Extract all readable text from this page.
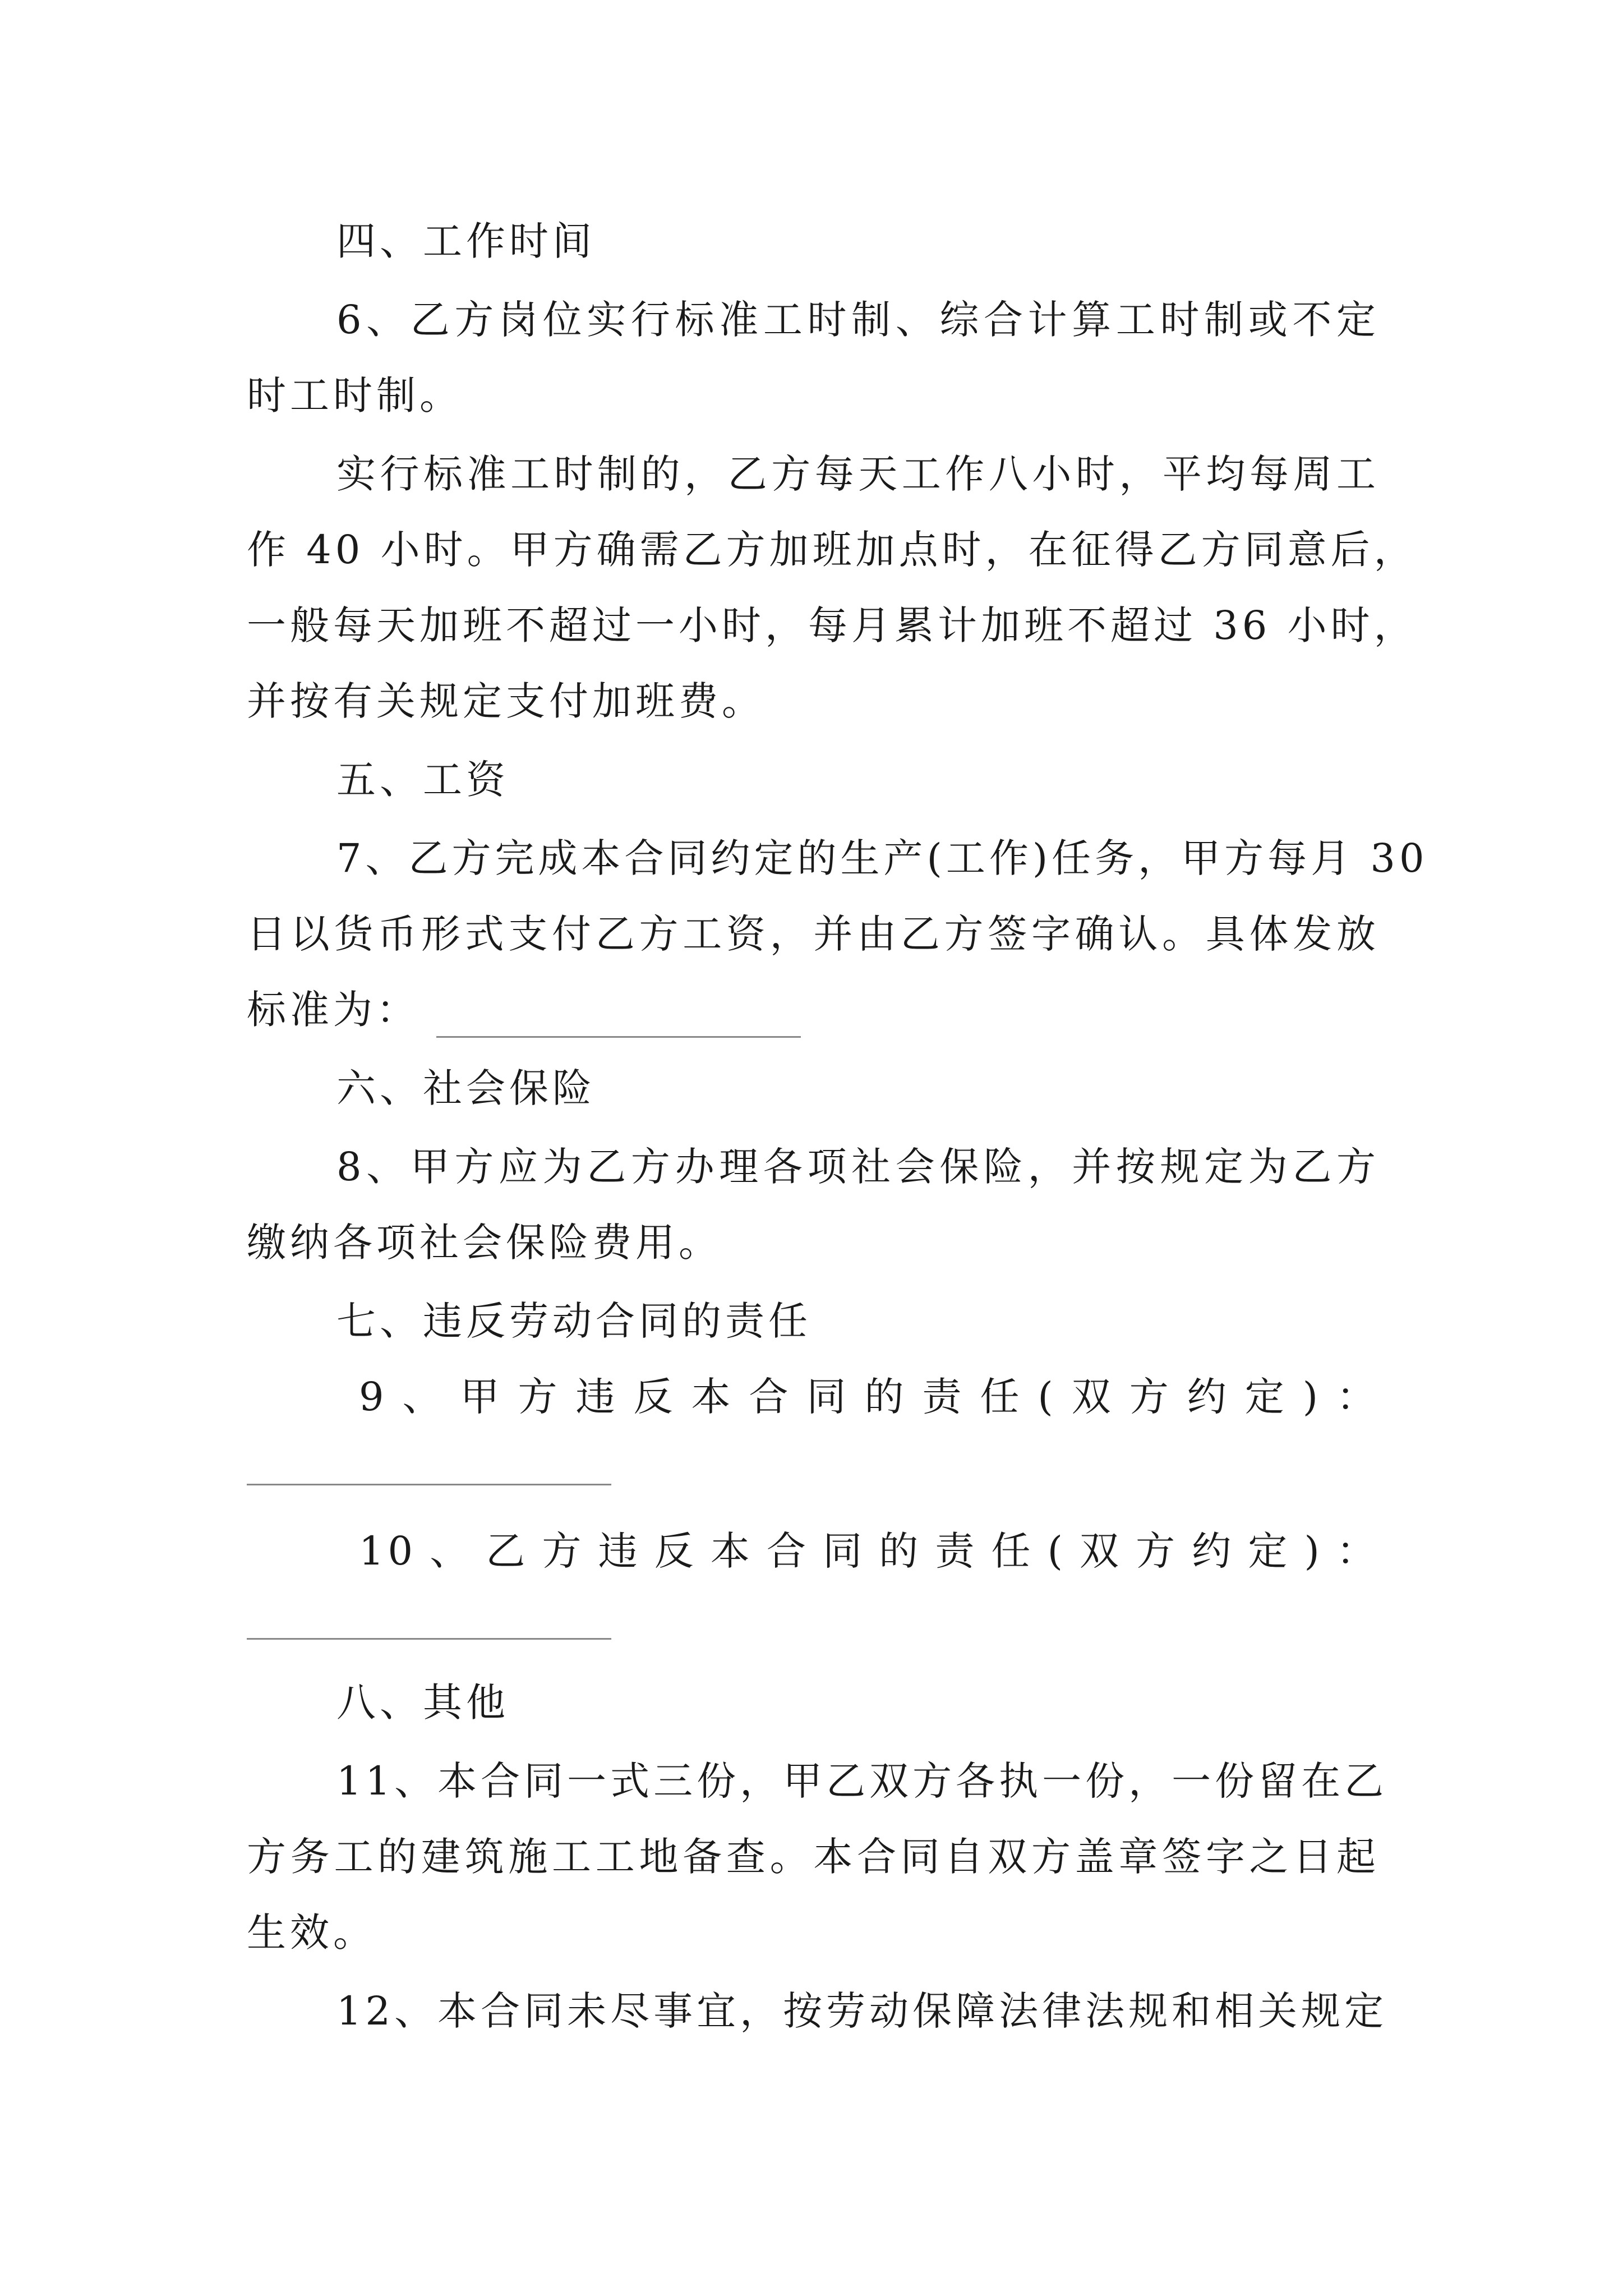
四、工作时间
6、乙方岗位实行标准工时制、综合计算工时制或不定
时工时制。
实行标准工时制的，乙方每天工作八小时，平均每周工
作 40 小时。甲方确需乙方加班加点时，在征得乙方同意后，
一般每天加班不超过一小时，每月累计加班不超过 36 小时，
并按有关规定支付加班费。
五、工资
7、乙方完成本合同约定的生产(工作)任务，甲方每月 30
日以货币形式支付乙方工资，并由乙方签字确认。具体发放
标准为：
六、社会保险
8、甲方应为乙方办理各项社会保险，并按规定为乙方
缴纳各项社会保险费用。
七、违反劳动合同的责任
9、甲方违反本合同的责任(双方约定)：
10、乙方违反本合同的责任(双方约定)：
八、其他
11、本合同一式三份，甲乙双方各执一份，一份留在乙
方务工的建筑施工工地备查。本合同自双方盖章签字之日起
生效。
12、本合同未尽事宜，按劳动保障法律法规和相关规定
